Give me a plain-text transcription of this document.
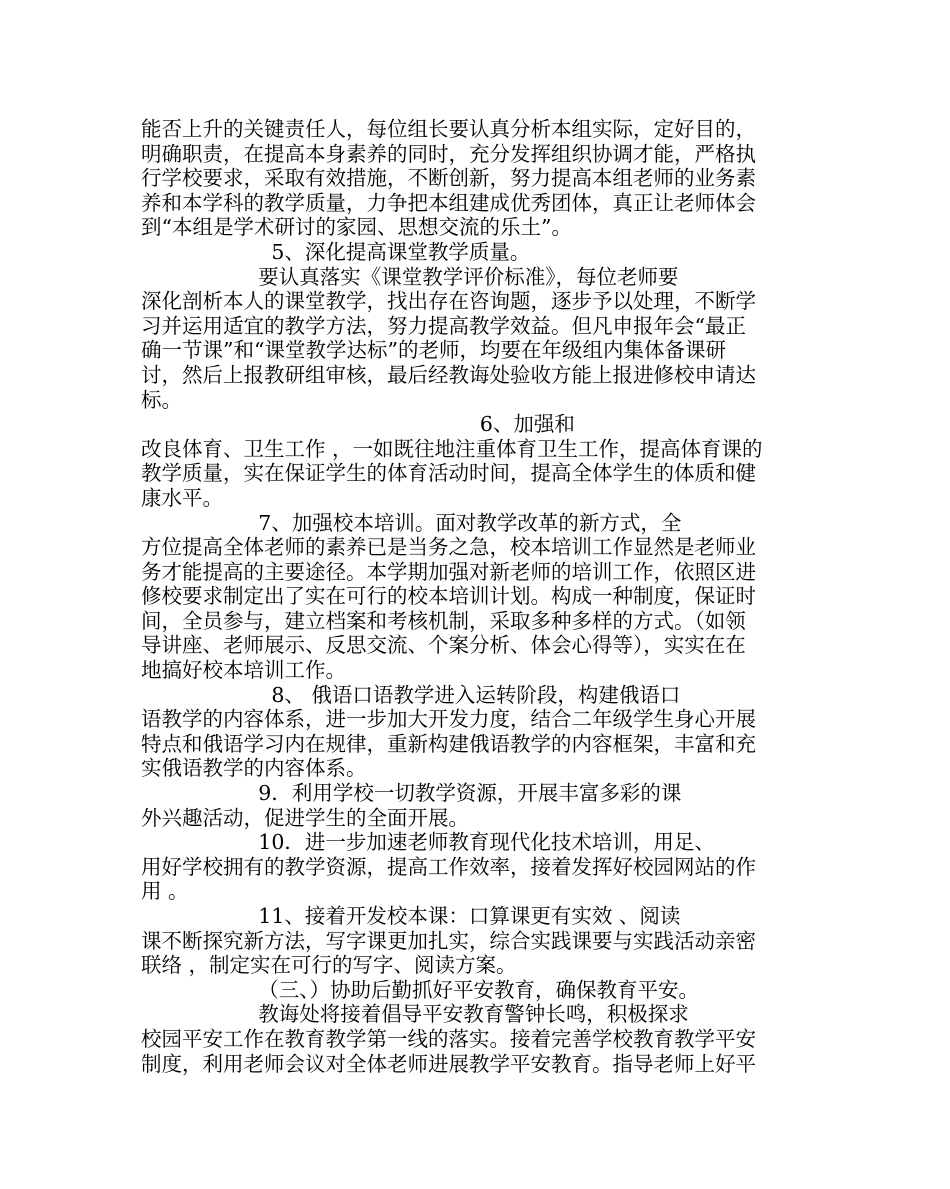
能否上升的关键责任人，每位组长要认真分析本组实际，定好目的，
明确职责，在提高本身素养的同时，充分发挥组织协调才能，严格执
行学校要求，采取有效措施，不断创新，努力提高本组老师的业务素
养和本学科的教学质量，力争把本组建成优秀团体，真正让老师体会
到“本组是学术研讨的家园、思想交流的乐土”。
5、深化提高课堂教学质量。
要认真落实《课堂教学评价标准》，每位老师要
深化剖析本人的课堂教学，找出存在咨询题，逐步予以处理，不断学
习并运用适宜的教学方法，努力提高教学效益。但凡申报年会“最正
确一节课”和“课堂教学达标”的老师，均要在年级组内集体备课研
讨，然后上报教研组审核，最后经教诲处验收方能上报进修校申请达
标。
6、加强和
改良体育、卫生工作 ，一如既往地注重体育卫生工作，提高体育课的
教学质量，实在保证学生的体育活动时间，提高全体学生的体质和健
康水平。
7、加强校本培训。面对教学改革的新方式，全
方位提高全体老师的素养已是当务之急，校本培训工作显然是老师业
务才能提高的主要途径。本学期加强对新老师的培训工作，依照区进
修校要求制定出了实在可行的校本培训计划。构成一种制度，保证时
间，全员参与，建立档案和考核机制，采取多种多样的方式。（如领
导讲座、老师展示、反思交流、个案分析、体会心得等），实实在在
地搞好校本培训工作。
8、 俄语口语教学进入运转阶段，构建俄语口
语教学的内容体系，进一步加大开发力度，结合二年级学生身心开展
特点和俄语学习内在规律，重新构建俄语教学的内容框架，丰富和充
实俄语教学的内容体系。
9．利用学校一切教学资源，开展丰富多彩的课
外兴趣活动，促进学生的全面开展。
10．进一步加速老师教育现代化技术培训，用足、
用好学校拥有的教学资源，提高工作效率，接着发挥好校园网站的作
用 。
11、接着开发校本课：口算课更有实效 、阅读
课不断探究新方法，写字课更加扎实，综合实践课要与实践活动亲密
联络 ，制定实在可行的写字、阅读方案。
（三、）协助后勤抓好平安教育，确保教育平安。
教诲处将接着倡导平安教育警钟长鸣，积极探求
校园平安工作在教育教学第一线的落实。接着完善学校教育教学平安
制度，利用老师会议对全体老师进展教学平安教育。指导老师上好平
